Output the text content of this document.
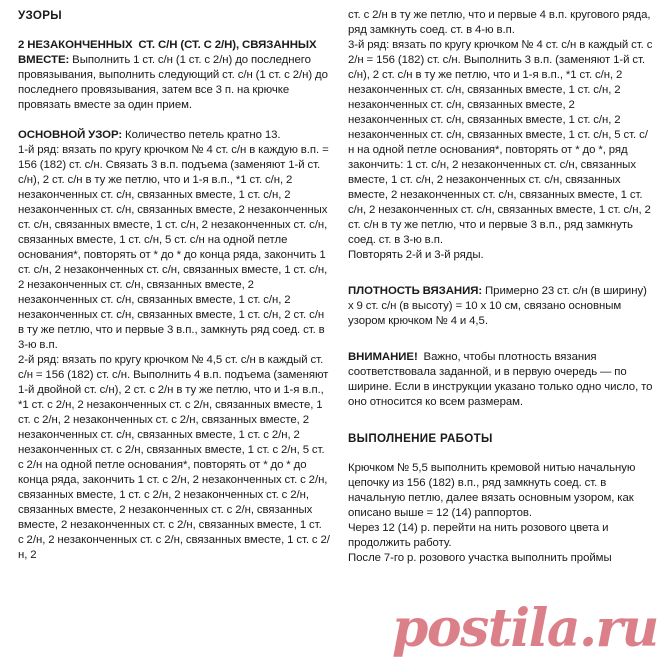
УЗОРЫ

2 НЕЗАКОНЧЕННЫХ  СТ. С/Н (СТ. С 2/Н), СВЯЗАННЫХ ВМЕСТЕ: Выполнить 1 ст. с/н (1 ст. с 2/н) до последнего провязывания, выполнить следующий ст. с/н (1 ст. с 2/н) до последнего провязывания, затем все 3 п. на крючке провязать вместе за один прием.

ОСНОВНОЙ УЗОР: Количество петель кратно 13.

1-й ряд: вязать по кругу крючком № 4 ст. с/н в каждую в.п. = 156 (182) ст. с/н. Связать 3 в.п. подъема (заменяют 1-й ст. с/н), 2 ст. с/н в ту же петлю, что и 1-я в.п., *1 ст. с/н, 2 незаконченных ст. с/н, связанных вместе, 1 ст. с/н, 2 незаконченных ст. с/н, связанных вместе, 2 незаконченных ст. с/н, связанных вместе, 1 ст. с/н, 2 незаконченных ст. с/н, связанных вместе, 1 ст. с/н, 5 ст. с/н на одной петле основания*, повторять от * до * до конца ряда, закончить 1 ст. с/н, 2 незаконченных ст. с/н, связанных вместе, 1 ст. с/н, 2 незаконченных ст. с/н, связанных вместе, 2 незаконченных ст. с/н, связанных вместе, 1 ст. с/н, 2 незаконченных ст. с/н, связанных вместе, 1 ст. с/н, 2 ст. с/н в ту же петлю, что и первые 3 в.п., замкнуть ряд соед. ст. в 3-ю в.п.

2-й ряд: вязать по кругу крючком № 4,5 ст. с/н в каждый ст. с/н = 156 (182) ст. с/н. Выполнить 4 в.п. подъема (заменяют 1-й двойной ст. с/н), 2 ст. с 2/н в ту же петлю, что и 1-я в.п., *1 ст. с 2/н, 2 незаконченных ст. с 2/н, связанных вместе, 1 ст. с 2/н, 2 незаконченных ст. с 2/н, связанных вместе, 2 незаконченных ст. с/н, связанных вместе, 1 ст. с 2/н, 2 незаконченных ст. с 2/н, связанных вместе, 1 ст. с 2/н, 5 ст. с 2/н на одной петле основания*, повторять от * до * до конца ряда, закончить 1 ст. с 2/н, 2 незаконченных ст. с 2/н, связанных вместе, 1 ст. с 2/н, 2 незаконченных ст. с 2/н, связанных вместе, 2 незаконченных ст. с 2/н, связанных вместе, 2 незаконченных ст. с 2/н, связанных вместе, 1 ст. с 2/н, 2 незаконченных ст. с 2/н, связанных вместе, 1 ст. с 2/н, 2

ст. с 2/н в ту же петлю, что и первые 4 в.п. кругового ряда, ряд замкнуть соед. ст. в 4-ю в.п.

3-й ряд: вязать по кругу крючком № 4 ст. с/н в каждый ст. с 2/н = 156 (182) ст. с/н. Выполнить 3 в.п. (заменяют 1-й ст. с/н), 2 ст. с/н в ту же петлю, что и 1-я в.п., *1 ст. с/н, 2 незаконченных ст. с/н, связанных вместе, 1 ст. с/н, 2 незаконченных ст. с/н, связанных вместе, 2 незаконченных ст. с/н, связанных вместе, 1 ст. с/н, 2 незаконченных ст. с/н, связанных вместе, 1 ст. с/н, 5 ст. с/н на одной петле основания*, повторять от * до *, ряд закончить: 1 ст. с/н, 2 незаконченных ст. с/н, связанных вместе, 1 ст. с/н, 2 незаконченных ст. с/н, связанных вместе, 2 незаконченных ст. с/н, связанных вместе, 1 ст. с/н, 2 незаконченных ст. с/н, связанных вместе, 1 ст. с/н, 2 ст. с/н в ту же петлю, что и первые 3 в.п., ряд замкнуть соед. ст. в 3-ю в.п.

Повторять 2-й и 3-й ряды.

ПЛОТНОСТЬ ВЯЗАНИЯ: Примерно 23 ст. с/н (в ширину) х 9 ст. с/н (в высоту) = 10 х 10 см, связано основным узором крючком № 4 и 4,5.

ВНИМАНИЕ!  Важно, чтобы плотность вязания соответствовала заданной, и в первую очередь — по ширине. Если в инструкции указано только одно число, то оно относится ко всем размерам.

ВЫПОЛНЕНИЕ РАБОТЫ

Крючком № 5,5 выполнить кремовой нитью начальную цепочку из 156 (182) в.п., ряд замкнуть соед. ст. в начальную петлю, далее вязать основным узором, как описано выше = 12 (14) раппортов.

Через 12 (14) р. перейти на нить розового цвета и продолжить работу.

После 7-го р. розового участка выполнить проймы

postila.ru
